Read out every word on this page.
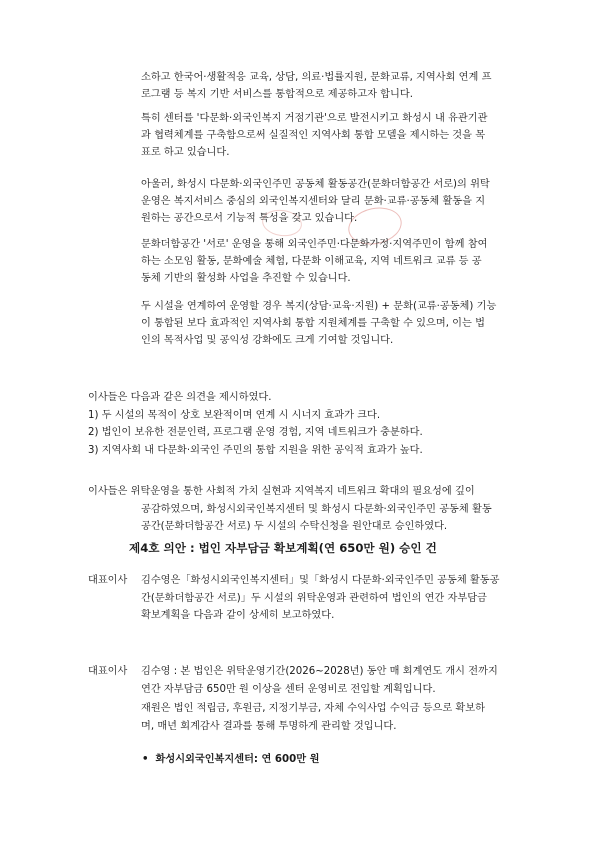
소하고 한국어·생활적응 교육, 상담, 의료·법률지원, 문화교류, 지역사회 연계 프
로그램 등 복지 기반 서비스를 통합적으로 제공하고자 합니다.
특히 센터를 '다문화·외국인복지 거점기관'으로 발전시키고 화성시 내 유관기관
과 협력체계를 구축함으로써 실질적인 지역사회 통합 모델을 제시하는 것을 목
표로 하고 있습니다.
아울러, 화성시 다문화·외국인주민 공동체 활동공간(문화더함공간 서로)의 위탁
운영은 복지서비스 중심의 외국인복지센터와 달리 문화·교류·공동체 활동을 지
원하는 공간으로서 기능적 특성을 갖고 있습니다.
문화더함공간 '서로' 운영을 통해 외국인주민·다문화가정·지역주민이 함께 참여
하는 소모임 활동, 문화예술 체험, 다문화 이해교육, 지역 네트워크 교류 등 공
동체 기반의 활성화 사업을 추진할 수 있습니다.
두 시설을 연계하여 운영할 경우 복지(상담·교육·지원) + 문화(교류·공동체) 기능
이 통합된 보다 효과적인 지역사회 통합 지원체계를 구축할 수 있으며, 이는 법
인의 목적사업 및 공익성 강화에도 크게 기여할 것입니다.
이사들은 다음과 같은 의견을 제시하였다.
1) 두 시설의 목적이 상호 보완적이며 연계 시 시너지 효과가 크다.
2) 법인이 보유한 전문인력, 프로그램 운영 경험, 지역 네트워크가 충분하다.
3) 지역사회 내 다문화·외국인 주민의 통합 지원을 위한 공익적 효과가 높다.
이사들은 위탁운영을 통한 사회적 가치 실현과 지역복지 네트워크 확대의 필요성에 깊이
공감하였으며, 화성시외국인복지센터 및 화성시 다문화·외국인주민 공동체 활동
공간(문화더함공간 서로) 두 시설의 수탁신청을 원안대로 승인하였다.
제4호 의안 : 법인 자부담금 확보계획(연 650만 원) 승인 건
대표이사	김수영은「화성시외국인복지센터」및「화성시 다문화·외국인주민 공동체 활동공
간(문화더함공간 서로)」두 시설의 위탁운영과 관련하여 법인의 연간 자부담금
확보계획을 다음과 같이 상세히 보고하였다.
대표이사	김수영 : 본 법인은 위탁운영기간(2026~2028년) 동안 매 회계연도 개시 전까지
연간 자부담금 650만 원 이상을 센터 운영비로 전입할 계획입니다.
재원은 법인 적립금, 후원금, 지정기부금, 자체 수익사업 수익금 등으로 확보하
며, 매년 회계감사 결과를 통해 투명하게 관리할 것입니다.
• 화성시외국인복지센터: 연 600만 원
